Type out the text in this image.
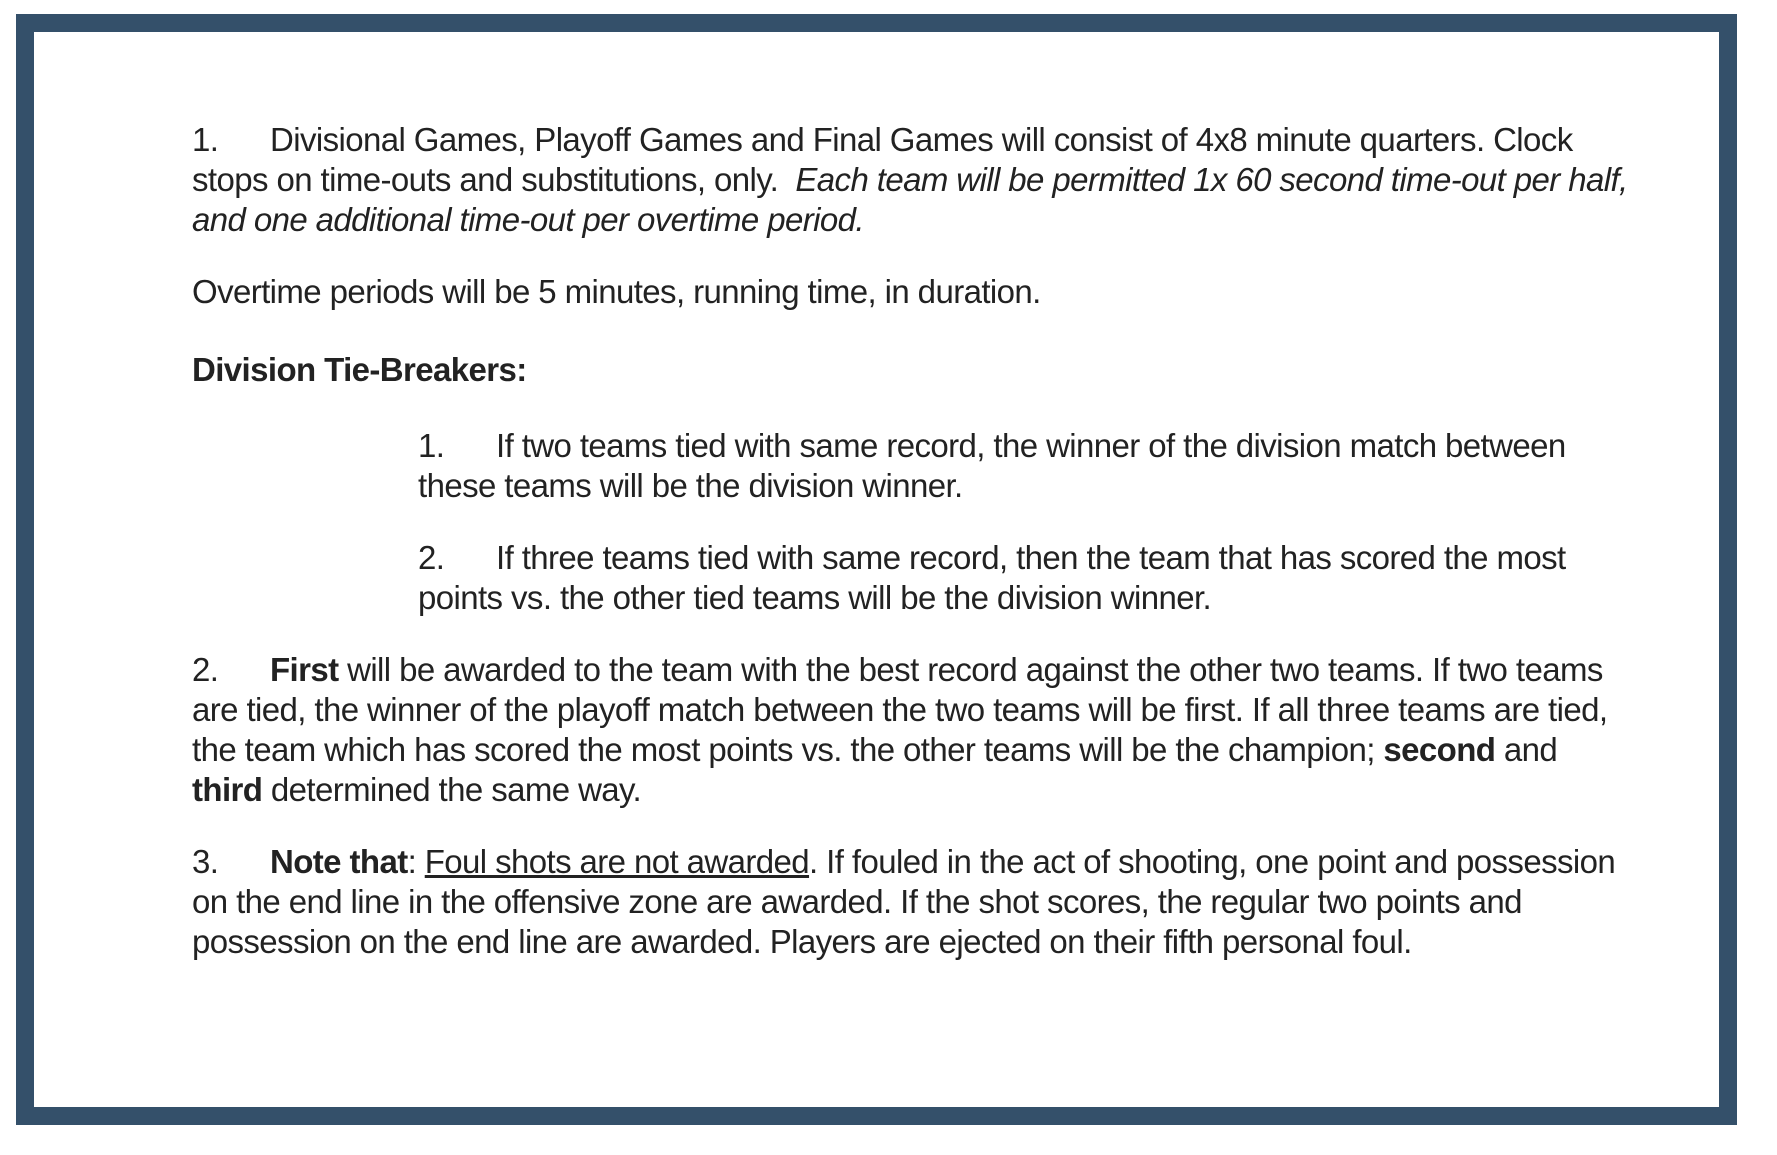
1. Divisional Games, Playoff Games and Final Games will consist of 4x8 minute quarters. Clock stops on time-outs and substitutions, only. Each team will be permitted 1x 60 second time-out per half, and one additional time-out per overtime period.

Overtime periods will be 5 minutes, running time, in duration.

Division Tie-Breakers:

1. If two teams tied with same record, the winner of the division match between these teams will be the division winner.

2. If three teams tied with same record, then the team that has scored the most points vs. the other tied teams will be the division winner.

2. First will be awarded to the team with the best record against the other two teams. If two teams are tied, the winner of the playoff match between the two teams will be first. If all three teams are tied, the team which has scored the most points vs. the other teams will be the champion; second and third determined the same way.

3. Note that: Foul shots are not awarded. If fouled in the act of shooting, one point and possession on the end line in the offensive zone are awarded. If the shot scores, the regular two points and possession on the end line are awarded. Players are ejected on their fifth personal foul.
